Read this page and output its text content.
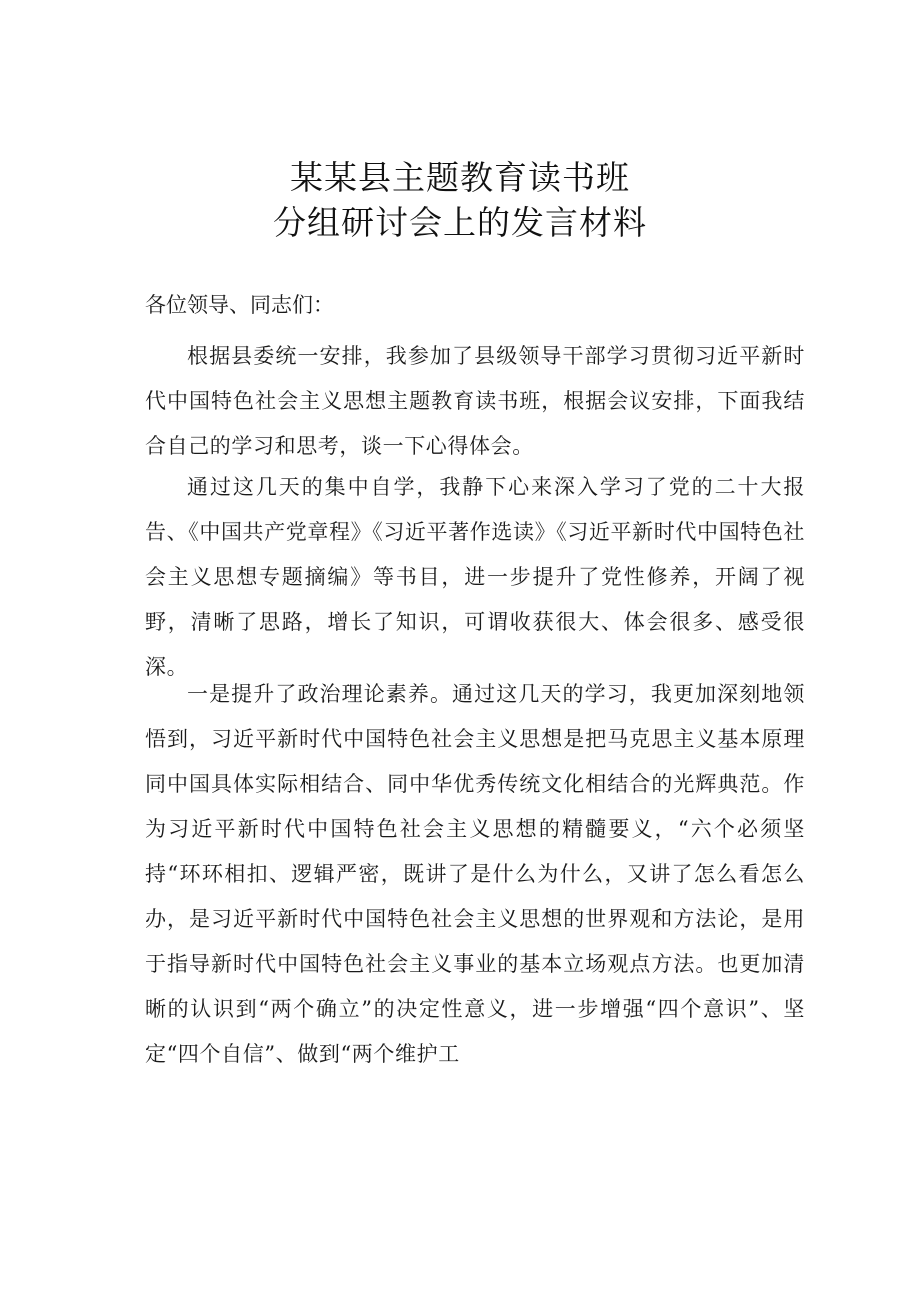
某某县主题教育读书班
分组研讨会上的发言材料

各位领导、同志们：

根据县委统一安排，我参加了县级领导干部学习贯彻习近平新时代中国特色社会主义思想主题教育读书班，根据会议安排，下面我结合自己的学习和思考，谈一下心得体会。

通过这几天的集中自学，我静下心来深入学习了党的二十大报告、《中国共产党章程》《习近平著作选读》《习近平新时代中国特色社会主义思想专题摘编》等书目，进一步提升了党性修养，开阔了视野，清晰了思路，增长了知识，可谓收获很大、体会很多、感受很深。

一是提升了政治理论素养。通过这几天的学习，我更加深刻地领悟到，习近平新时代中国特色社会主义思想是把马克思主义基本原理同中国具体实际相结合、同中华优秀传统文化相结合的光辉典范。作为习近平新时代中国特色社会主义思想的精髓要义，“六个必须坚持“环环相扣、逻辑严密，既讲了是什么为什么，又讲了怎么看怎么办，是习近平新时代中国特色社会主义思想的世界观和方法论，是用于指导新时代中国特色社会主义事业的基本立场观点方法。也更加清晰的认识到“两个确立”的决定性意义，进一步增强“四个意识”、坚定“四个自信”、做到“两个维护工
